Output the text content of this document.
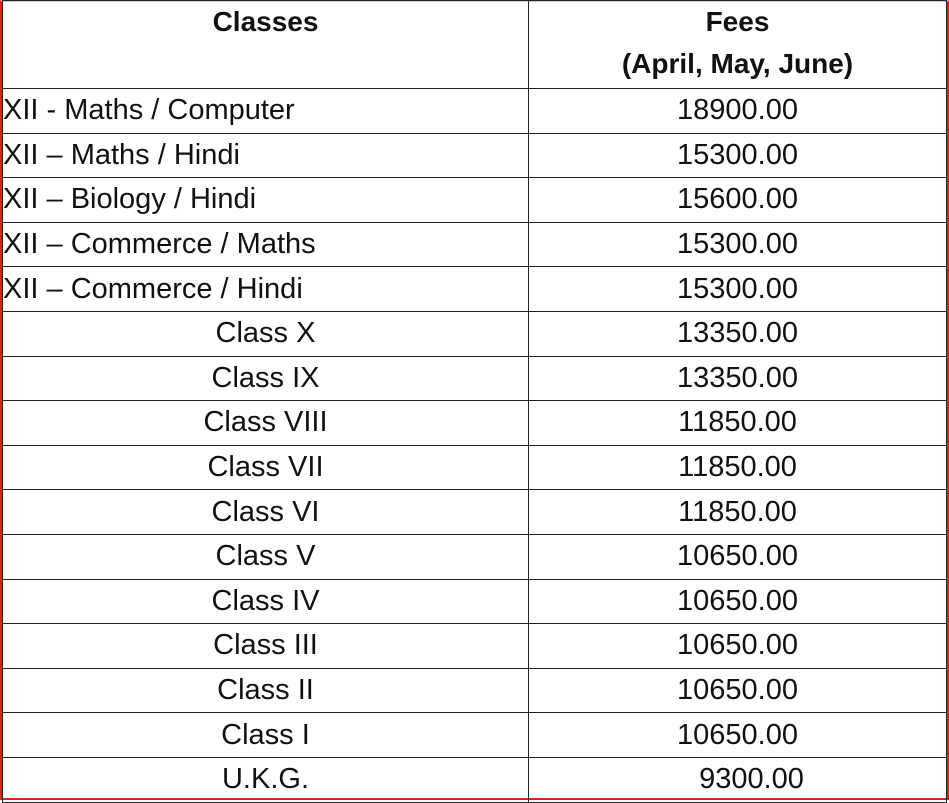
Classes	Fees
(April, May, June)

XII - Maths / Computer	18900.00
XII – Maths / Hindi	15300.00
XII – Biology / Hindi	15600.00
XII – Commerce / Maths	15300.00
XII – Commerce / Hindi	15300.00
Class X	13350.00
Class IX	13350.00
Class VIII	11850.00
Class VII	11850.00
Class VI	11850.00
Class V	10650.00
Class IV	10650.00
Class III	10650.00
Class II	10650.00
Class I	10650.00
U.K.G.	9300.00
